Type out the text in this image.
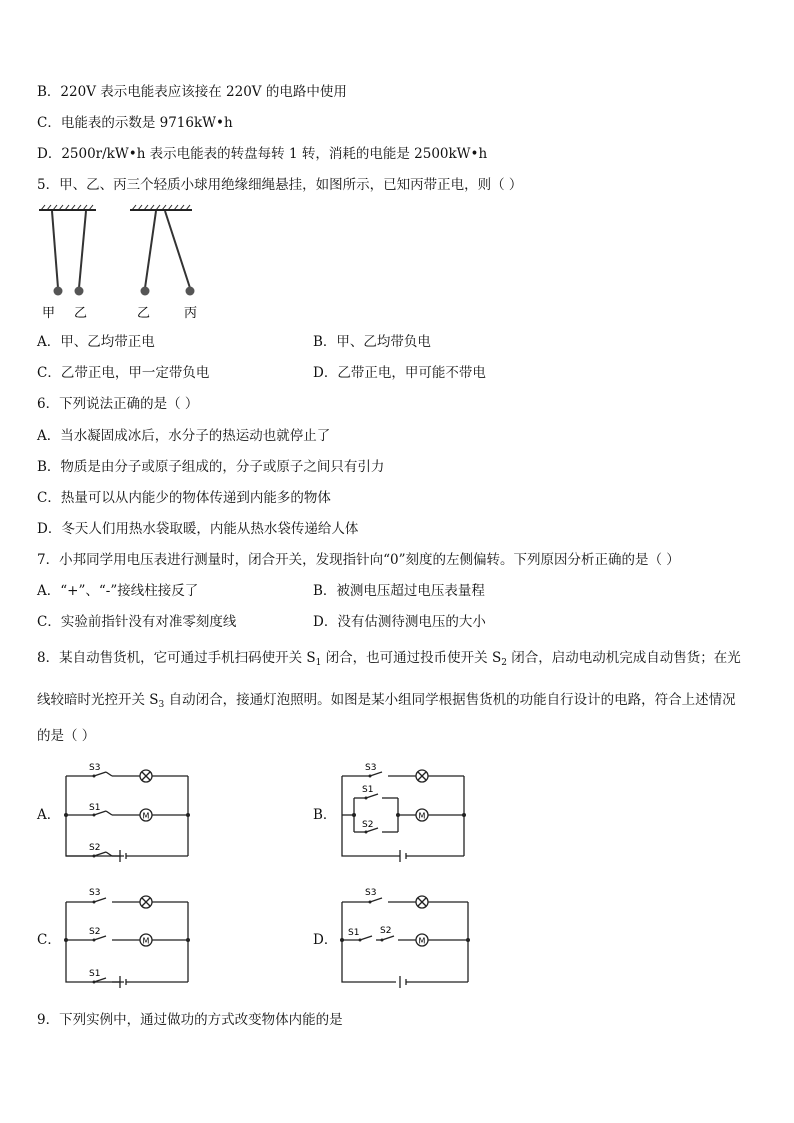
B．220V 表示电能表应该接在 220V 的电路中使用
C．电能表的示数是 9716kW•h
D．2500r/kW•h 表示电能表的转盘每转 1 转，消耗的电能是 2500kW•h
5．甲、乙、丙三个轻质小球用绝缘细绳悬挂，如图所示，已知丙带正电，则（ ）
甲 乙	乙	丙
A．甲、乙均带正电	B．甲、乙均带负电
C．乙带正电，甲一定带负电	D．乙带正电，甲可能不带电
6．下列说法正确的是（ ）
A．当水凝固成冰后，水分子的热运动也就停止了
B．物质是由分子或原子组成的，分子或原子之间只有引力
C．热量可以从内能少的物体传递到内能多的物体
D．冬天人们用热水袋取暖，内能从热水袋传递给人体
7．小邦同学用电压表进行测量时，闭合开关，发现指针向“0”刻度的左侧偏转。下列原因分析正确的是（ ）
A．“+”、“-”接线柱接反了	B．被测电压超过电压表量程
C．实验前指针没有对准零刻度线	D．没有估测待测电压的大小
8．某自动售货机，它可通过手机扫码使开关 $S_1$ 闭合，也可通过投币使开关 $S_2$ 闭合，启动电动机完成自动售货；在光
线较暗时光控开关 $S_3$ 自动闭合，接通灯泡照明。如图是某小组同学根据售货机的功能自行设计的电路，符合上述情况
的是（ ）
A．	M
S3
S1
S2
B．	M
S3
S1
S2
C．	M
S3
S2
S1
D．	M
S3
S1 S2
9．下列实例中，通过做功的方式改变物体内能的是
